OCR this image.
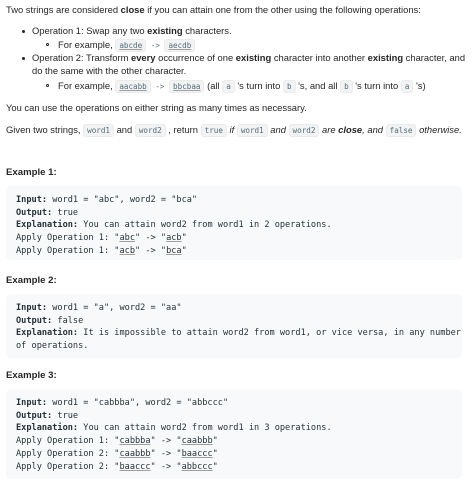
Two strings are considered close if you can attain one from the other using the following operations:

Operation 1: Swap any two existing characters.
For example, abcde -> aecdb
Operation 2: Transform every occurrence of one existing character into another existing character, and
do the same with the other character.
For example, aacabb -> bbcbaa (all a 's turn into b 's, and all b 's turn into a 's)

You can use the operations on either string as many times as necessary.

Given two strings, word1 and word2 , return true if word1 and word2 are close, and false otherwise.

Example 1:
Input: word1 = "abc", word2 = "bca"
Output: true
Explanation: You can attain word2 from word1 in 2 operations.
Apply Operation 1: "abc" -> "acb"
Apply Operation 1: "acb" -> "bca"
Example 2:
Input: word1 = "a", word2 = "aa"
Output: false
Explanation: It is impossible to attain word2 from word1, or vice versa, in any number
of operations.
Example 3:
Input: word1 = "cabbba", word2 = "abbccc"
Output: true
Explanation: You can attain word2 from word1 in 3 operations.
Apply Operation 1: "cabbba" -> "caabbb"
Apply Operation 2: "caabbb" -> "baaccc"
Apply Operation 2: "baaccc" -> "abbccc"
